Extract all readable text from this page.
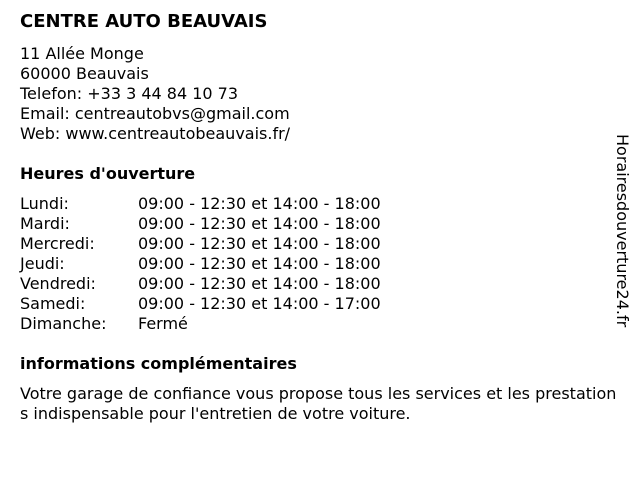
CENTRE AUTO BEAUVAIS
11 Allée Monge
60000 Beauvais
Telefon: +33 3 44 84 10 73
Email: centreautobvs@gmail.com
Web: www.centreautobeauvais.fr/
Heures d'ouverture
Lundi:	09:00 - 12:30 et 14:00 - 18:00
Mardi:	09:00 - 12:30 et 14:00 - 18:00
Mercredi:	09:00 - 12:30 et 14:00 - 18:00
Jeudi:	09:00 - 12:30 et 14:00 - 18:00
Vendredi:	09:00 - 12:30 et 14:00 - 18:00
Samedi:	09:00 - 12:30 et 14:00 - 17:00
Dimanche:	Fermé
informations complémentaires
Votre garage de confiance vous propose tous les services et les prestations indispensable pour l'entretien de votre voiture.
Horairesdouverture24.fr
